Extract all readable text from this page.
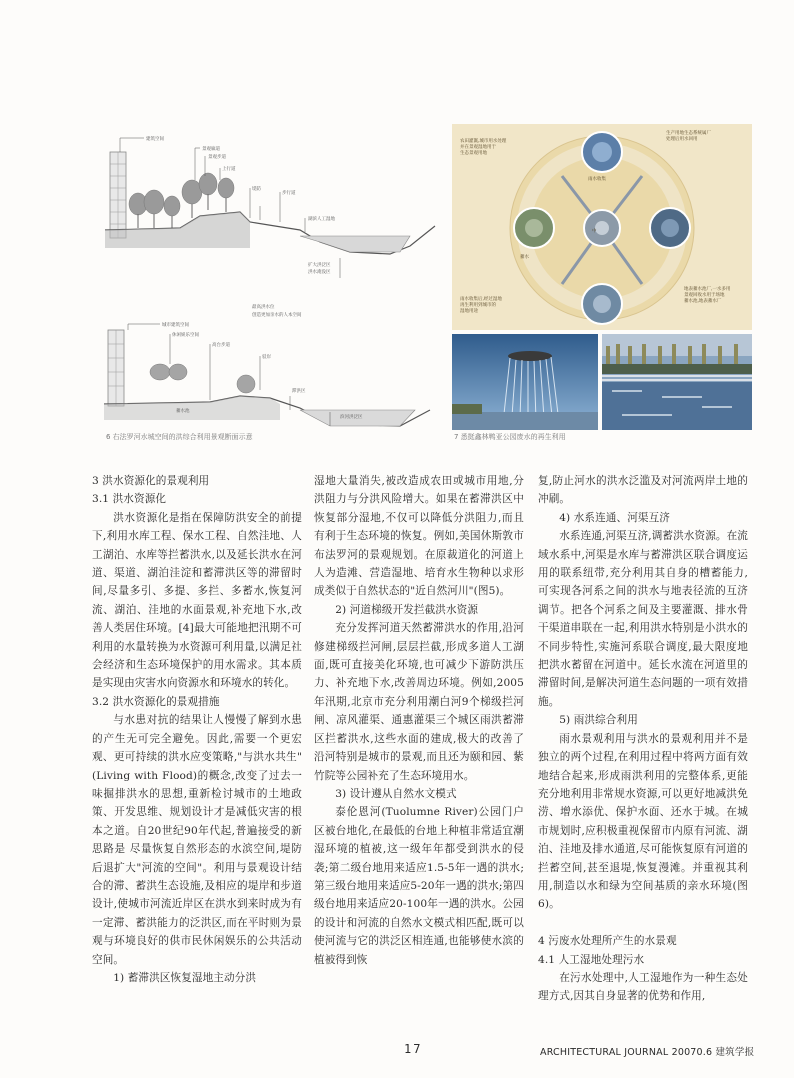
建筑空间
景观廊道
景观步道
上行道
堤防
步行道
湖滨人工湿地
扩大洪泛区
洪水淹没区
城市建筑空间
休闲娱乐空间
高台步道
驳岸
滞洪区
滨河洪泛区
蓄水池
最高洪水位
创造更加亲水的人本空间
6 右法罗河水城空间的洪综合利用景观断面示意
农田灌溉,城市用水处理
并在景观湿地用于
生态景观用地
生产用地生态系统属厂
处理后用水回用
雨水收集后,经过湿地
再生利用到城市的
湿地用途
地表蓄水池厂,一水多用
景观回收水用于场地
蓄水池,地表蓄水厂
雨水收集
蓄水
中
7 悉挺鑫林鸭亚公园废水的再生利用

3 洪水资源化的景观利用

3.1 洪水资源化

洪水资源化是指在保障防洪安全的前提下,利用水库工程、保水工程、自然洼地、人工湖泊、水库等拦蓄洪水,以及延长洪水在河道、渠道、湖泊洼淀和蓄滞洪区等的滞留时间,尽量多引、多提、多拦、多蓄水,恢复河流、湖泊、洼地的水面景观,补充地下水,改善人类居住环境。[4]最大可能地把汛期不可利用的水量转换为水资源可利用量,以满足社会经济和生态环境保护的用水需求。其本质是实现由灾害水向资源水和环境水的转化。

3.2 洪水资源化的景观措施

与水患对抗的结果让人慢慢了解到水患的产生无可完全避免。因此,需要一个更宏观、更可持续的洪水应变策略,"与洪水共生"(Living with Flood)的概念,改变了过去一味掘排洪水的思想,重新检讨城市的土地政策、开发思维、规划设计才是减低灾害的根本之道。自20世纪90年代起,普遍接受的新思路是 尽量恢复自然形态的水滨空间,堤防后退扩大"河流的空间"。利用与景观设计结合的滞、蓄洪生态设施,及相应的堤岸和步道设计,使城市河流近岸区在洪水到来时成为有一定滞、蓄洪能力的泛洪区,而在平时则为景观与环境良好的供市民休闲娱乐的公共活动空间。

1) 蓄滞洪区恢复湿地主动分洪

湿地大量消失,被改造成农田或城市用地,分洪阻力与分洪风险增大。如果在蓄滞洪区中恢复部分湿地,不仅可以降低分洪阻力,而且有利于生态环境的恢复。例如,美国休斯敦市布法罗河的景观规划。在原裁道化的河道上人为造滩、营造湿地、培育水生物种以求形成类似于自然状态的"近自然河川"(图5)。

2) 河道梯级开发拦截洪水资源

充分发挥河道天然蓄滞洪水的作用,沿河修建梯级拦河闸,层层拦截,形成多道人工湖面,既可直接美化环境,也可减少下游防洪压力、补充地下水,改善周边环境。例如,2005年汛期,北京市充分利用潮白河9个梯级拦河闸、凉风灌渠、通惠灌渠三个城区雨洪蓄滞区拦蓄洪水,这些水面的建成,极大的改善了沿河特别是城市的景观,而且还为颐和园、紫竹院等公园补充了生态环境用水。

3) 设计遵从自然水文模式

泰伦恩河(Tuolumne River)公园门户区被台地化,在最低的台地上种植非常适宜潮湿环境的植被,这一级年年都受到洪水的侵袭;第二级台地用来适应1.5-5年一遇的洪水;第三级台地用来适应5-20年一遇的洪水;第四级台地用来适应20-100年一遇的洪水。公园的设计和河流的自然水文模式相匹配,既可以使河流与它的洪泛区相连通,也能够使水滨的植被得到恢

复,防止河水的洪水泛滥及对河流两岸土地的冲刷。

4) 水系连通、河渠互济

水系连通,河渠互济,调蓄洪水资源。在流域水系中,河渠是水库与蓄滞洪区联合调度运用的联系纽带,充分利用其自身的槽蓄能力,可实现各河系之间的洪水与地表径流的互济调节。把各个河系之间及主要灌溉、排水骨干渠道串联在一起,利用洪水特别是小洪水的不同步特性,实施河系联合调度,最大限度地把洪水蓄留在河道中。延长水流在河道里的滞留时间,是解决河道生态问题的一项有效措施。

5) 雨洪综合利用

雨水景观利用与洪水的景观利用并不是独立的两个过程,在利用过程中将两方面有效地结合起来,形成雨洪利用的完整体系,更能充分地利用非常规水资源,可以更好地减洪免涝、增水添优、保护水面、还水于城。在城市规划时,应积极重视保留市内原有河流、湖泊、洼地及排水通道,尽可能恢复原有河道的拦蓄空间,甚至退堤,恢复漫滩。并重视其利用,制造以水和绿为空间基质的亲水环境(图6)。

4 污废水处理所产生的水景观

4.1 人工湿地处理污水

在污水处理中,人工湿地作为一种生态处理方式,因其自身显著的优势和作用,

17	ARCHITECTURAL JOURNAL 20070.6 建筑学报
